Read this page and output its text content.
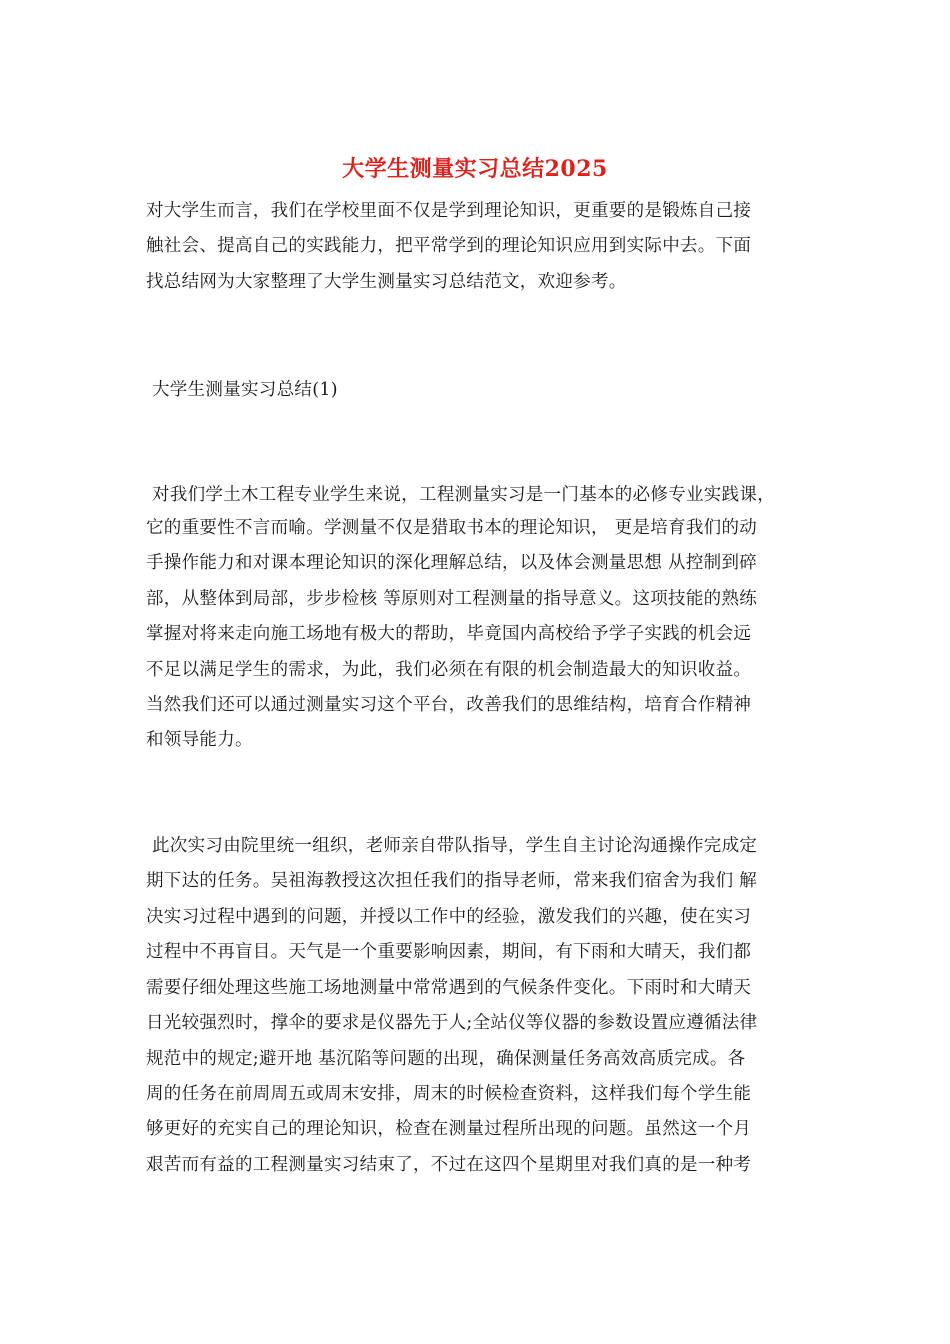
大学生测量实习总结2025
对大学生而言，我们在学校里面不仅是学到理论知识，更重要的是锻炼自己接
触社会、提高自己的实践能力，把平常学到的理论知识应用到实际中去。下面
找总结网为大家整理了大学生测量实习总结范文，欢迎参考。
大学生测量实习总结(1)
对我们学土木工程专业学生来说，工程测量实习是一门基本的必修专业实践课，
它的重要性不言而喻。学测量不仅是猎取书本的理论知识， 更是培育我们的动
手操作能力和对课本理论知识的深化理解总结，以及体会测量思想 从控制到碎
部，从整体到局部，步步检核 等原则对工程测量的指导意义。这项技能的熟练
掌握对将来走向施工场地有极大的帮助，毕竟国内高校给予学子实践的机会远
不足以满足学生的需求，为此，我们必须在有限的机会制造最大的知识收益。
当然我们还可以通过测量实习这个平台，改善我们的思维结构，培育合作精神
和领导能力。
此次实习由院里统一组织，老师亲自带队指导，学生自主讨论沟通操作完成定
期下达的任务。吴祖海教授这次担任我们的指导老师，常来我们宿舍为我们 解
决实习过程中遇到的问题，并授以工作中的经验，激发我们的兴趣，使在实习
过程中不再盲目。天气是一个重要影响因素，期间，有下雨和大晴天，我们都
需要仔细处理这些施工场地测量中常常遇到的气候条件变化。下雨时和大晴天
日光较强烈时，撑伞的要求是仪器先于人;全站仪等仪器的参数设置应遵循法律
规范中的规定;避开地 基沉陷等问题的出现，确保测量任务高效高质完成。各
周的任务在前周周五或周末安排，周末的时候检查资料，这样我们每个学生能
够更好的充实自己的理论知识，检查在测量过程所出现的问题。虽然这一个月
艰苦而有益的工程测量实习结束了，不过在这四个星期里对我们真的是一种考
